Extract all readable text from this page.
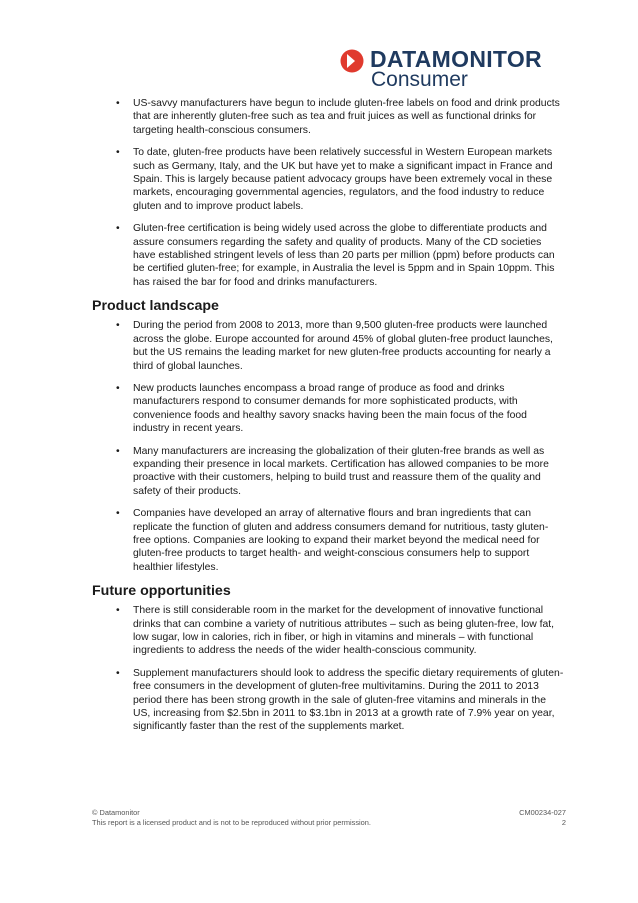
DATAMONITOR
Consumer
• US-savvy manufacturers have begun to include gluten-free labels on food and drink products that are inherently gluten-free such as tea and fruit juices as well as functional drinks for targeting health-conscious consumers.
• To date, gluten-free products have been relatively successful in Western European markets such as Germany, Italy, and the UK but have yet to make a significant impact in France and Spain. This is largely because patient advocacy groups have been extremely vocal in these markets, encouraging governmental agencies, regulators, and the food industry to reduce gluten and to improve product labels.
• Gluten-free certification is being widely used across the globe to differentiate products and assure consumers regarding the safety and quality of products. Many of the CD societies have established stringent levels of less than 20 parts per million (ppm) before products can be certified gluten-free; for example, in Australia the level is 5ppm and in Spain 10ppm. This has raised the bar for food and drinks manufacturers.
Product landscape
• During the period from 2008 to 2013, more than 9,500 gluten-free products were launched across the globe. Europe accounted for around 45% of global gluten-free product launches, but the US remains the leading market for new gluten-free products accounting for nearly a third of global launches.
• New products launches encompass a broad range of produce as food and drinks manufacturers respond to consumer demands for more sophisticated products, with convenience foods and healthy savory snacks having been the main focus of the food industry in recent years.
• Many manufacturers are increasing the globalization of their gluten-free brands as well as expanding their presence in local markets. Certification has allowed companies to be more proactive with their customers, helping to build trust and reassure them of the quality and safety of their products.
• Companies have developed an array of alternative flours and bran ingredients that can replicate the function of gluten and address consumers demand for nutritious, tasty gluten-free options. Companies are looking to expand their market beyond the medical need for gluten-free products to target health- and weight-conscious consumers help to support healthier lifestyles.
Future opportunities
• There is still considerable room in the market for the development of innovative functional drinks that can combine a variety of nutritious attributes – such as being gluten-free, low fat, low sugar, low in calories, rich in fiber, or high in vitamins and minerals – with functional ingredients to address the needs of the wider health-conscious community.
• Supplement manufacturers should look to address the specific dietary requirements of gluten-free consumers in the development of gluten-free multivitamins. During the 2011 to 2013 period there has been strong growth in the sale of gluten-free vitamins and minerals in the US, increasing from $2.5bn in 2011 to $3.1bn in 2013 at a growth rate of 7.9% year on year, significantly faster than the rest of the supplements market.
© Datamonitor	CM00234-027
This report is a licensed product and is not to be reproduced without prior permission.	2
